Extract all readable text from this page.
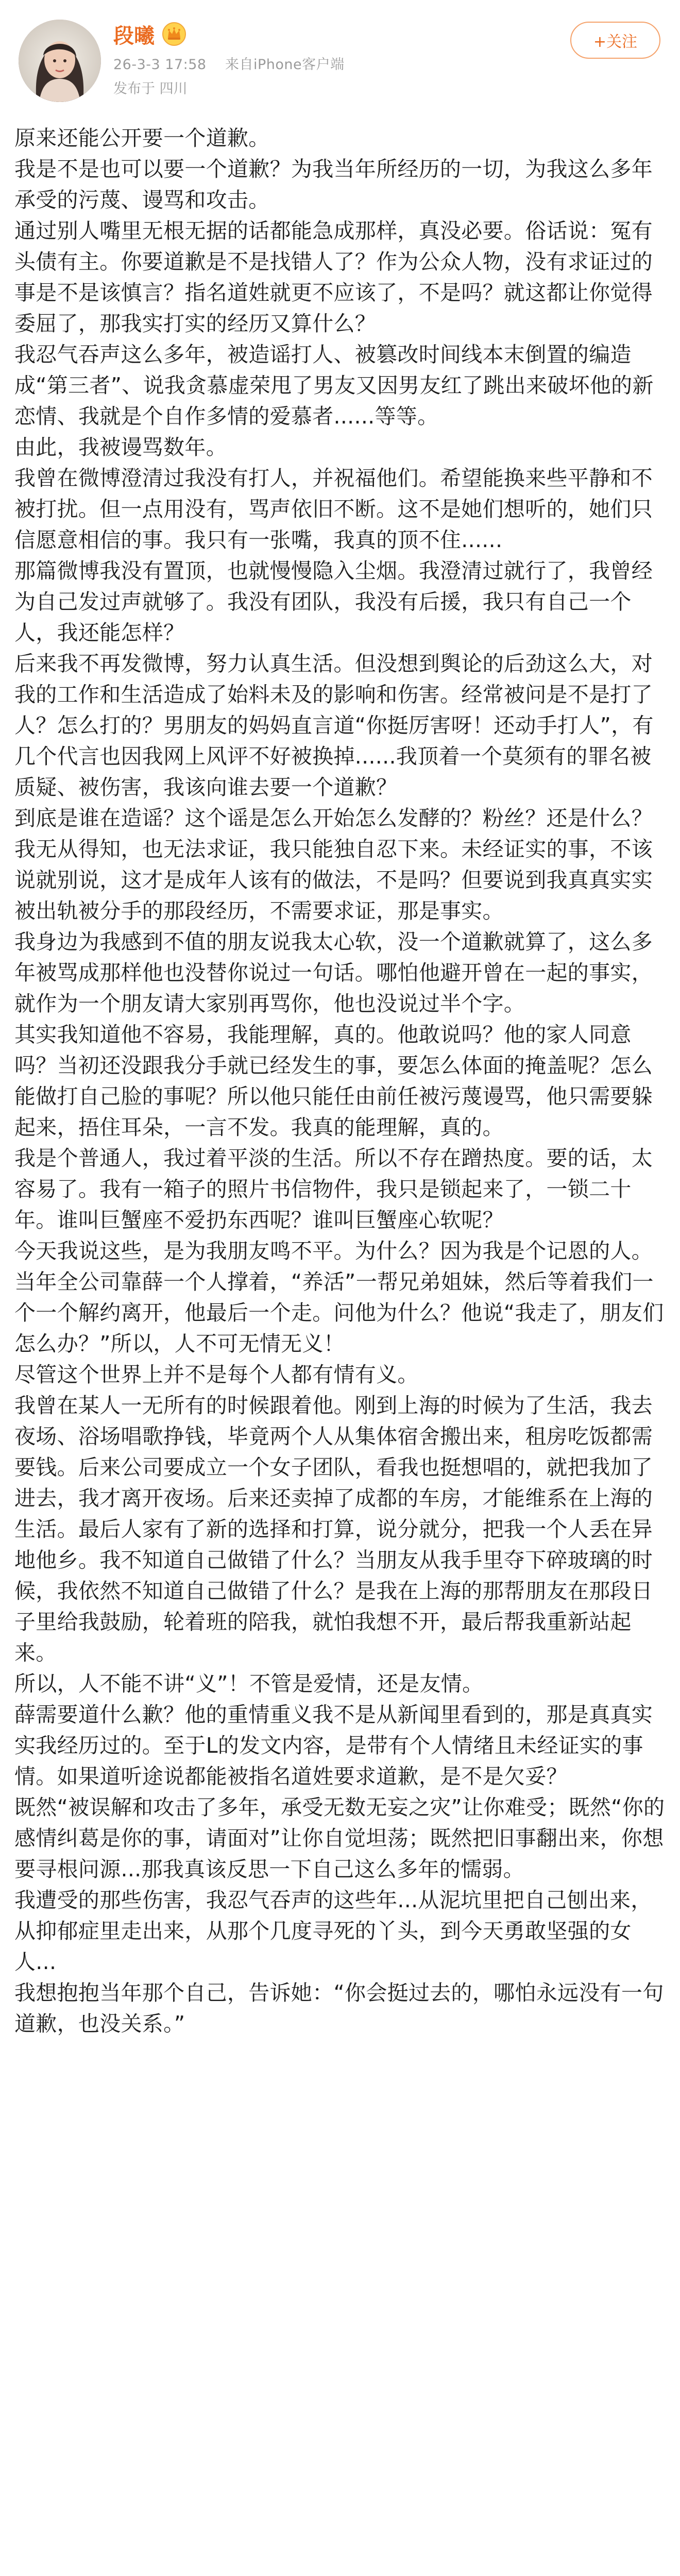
段曦
26-3-3 17:58 来自iPhone客户端
发布于 四川
+关注

原来还能公开要一个道歉。

我是不是也可以要一个道歉？为我当年所经历的一切，为我这么多年承受的污蔑、谩骂和攻击。

通过别人嘴里无根无据的话都能急成那样，真没必要。俗话说：冤有头债有主。你要道歉是不是找错人了？作为公众人物，没有求证过的事是不是该慎言？指名道姓就更不应该了，不是吗？就这都让你觉得委屈了，那我实打实的经历又算什么？

我忍气吞声这么多年，被造谣打人、被篡改时间线本末倒置的编造成“第三者”、说我贪慕虚荣甩了男友又因男友红了跳出来破坏他的新恋情、我就是个自作多情的爱慕者......等等。

由此，我被谩骂数年。

我曾在微博澄清过我没有打人，并祝福他们。希望能换来些平静和不被打扰。但一点用没有，骂声依旧不断。这不是她们想听的，她们只信愿意相信的事。我只有一张嘴，我真的顶不住......

那篇微博我没有置顶，也就慢慢隐入尘烟。我澄清过就行了，我曾经为自己发过声就够了。我没有团队，我没有后援，我只有自己一个人，我还能怎样？

后来我不再发微博，努力认真生活。但没想到舆论的后劲这么大，对我的工作和生活造成了始料未及的影响和伤害。经常被问是不是打了人？怎么打的？男朋友的妈妈直言道“你挺厉害呀！还动手打人”，有几个代言也因我网上风评不好被换掉......我顶着一个莫须有的罪名被质疑、被伤害，我该向谁去要一个道歉？

到底是谁在造谣？这个谣是怎么开始怎么发酵的？粉丝？还是什么？我无从得知，也无法求证，我只能独自忍下来。未经证实的事，不该说就别说，这才是成年人该有的做法，不是吗？但要说到我真真实实被出轨被分手的那段经历，不需要求证，那是事实。

我身边为我感到不值的朋友说我太心软，没一个道歉就算了，这么多年被骂成那样他也没替你说过一句话。哪怕他避开曾在一起的事实，就作为一个朋友请大家别再骂你，他也没说过半个字。

其实我知道他不容易，我能理解，真的。他敢说吗？他的家人同意吗？当初还没跟我分手就已经发生的事，要怎么体面的掩盖呢？怎么能做打自己脸的事呢？所以他只能任由前任被污蔑谩骂，他只需要躲起来，捂住耳朵，一言不发。我真的能理解，真的。

我是个普通人，我过着平淡的生活。所以不存在蹭热度。要的话，太容易了。我有一箱子的照片书信物件，我只是锁起来了，一锁二十年。谁叫巨蟹座不爱扔东西呢？谁叫巨蟹座心软呢？

今天我说这些，是为我朋友鸣不平。为什么？因为我是个记恩的人。

当年全公司靠薛一个人撑着，“养活”一帮兄弟姐妹，然后等着我们一个一个解约离开，他最后一个走。问他为什么？他说“我走了，朋友们怎么办？”所以，人不可无情无义！

尽管这个世界上并不是每个人都有情有义。

我曾在某人一无所有的时候跟着他。刚到上海的时候为了生活，我去夜场、浴场唱歌挣钱，毕竟两个人从集体宿舍搬出来，租房吃饭都需要钱。后来公司要成立一个女子团队，看我也挺想唱的，就把我加了进去，我才离开夜场。后来还卖掉了成都的车房，才能维系在上海的生活。最后人家有了新的选择和打算，说分就分，把我一个人丢在异地他乡。我不知道自己做错了什么？当朋友从我手里夺下碎玻璃的时候，我依然不知道自己做错了什么？是我在上海的那帮朋友在那段日子里给我鼓励，轮着班的陪我，就怕我想不开，最后帮我重新站起来。

所以，人不能不讲“义”！不管是爱情，还是友情。

薛需要道什么歉？他的重情重义我不是从新闻里看到的，那是真真实实我经历过的。至于L的发文内容，是带有个人情绪且未经证实的事情。如果道听途说都能被指名道姓要求道歉，是不是欠妥？

既然“被误解和攻击了多年，承受无数无妄之灾”让你难受；既然“你的感情纠葛是你的事，请面对”让你自觉坦荡；既然把旧事翻出来，你想要寻根问源...那我真该反思一下自己这么多年的懦弱。

我遭受的那些伤害，我忍气吞声的这些年...从泥坑里把自己刨出来，从抑郁症里走出来，从那个几度寻死的丫头，到今天勇敢坚强的女人...

我想抱抱当年那个自己，告诉她：“你会挺过去的，哪怕永远没有一句道歉，也没关系。”
